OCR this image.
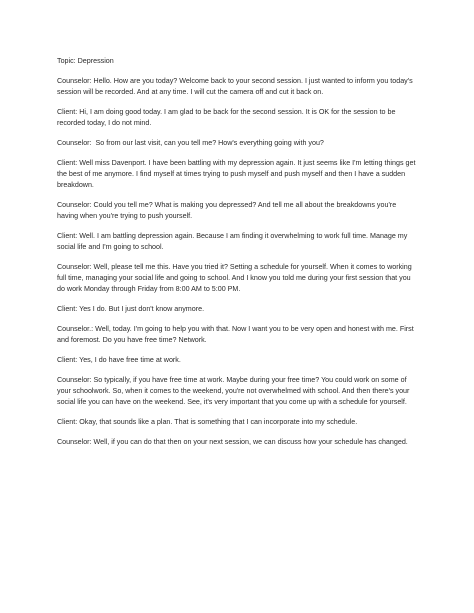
Topic: Depression

Counselor: Hello. How are you today? Welcome back to your second session. I just wanted to inform you today's session will be recorded. And at any time. I will cut the camera off and cut it back on.

Client: Hi, I am doing good today. I am glad to be back for the second session. It is OK for the session to be recorded today, I do not mind.

Counselor: So from our last visit, can you tell me? How's everything going with you?

Client: Well miss Davenport. I have been battling with my depression again. It just seems like I'm letting things get the best of me anymore. I find myself at times trying to push myself and push myself and then I have a sudden breakdown.

Counselor: Could you tell me? What is making you depressed? And tell me all about the breakdowns you're having when you're trying to push yourself.

Client: Well. I am battling depression again. Because I am finding it overwhelming to work full time. Manage my social life and I'm going to school.

Counselor: Well, please tell me this. Have you tried it? Setting a schedule for yourself. When it comes to working full time, managing your social life and going to school. And I know you told me during your first session that you do work Monday through Friday from 8:00 AM to 5:00 PM.

Client: Yes I do. But I just don't know anymore.

Counselor.: Well, today. I'm going to help you with that. Now I want you to be very open and honest with me. First and foremost. Do you have free time? Network.

Client: Yes, I do have free time at work.

Counselor: So typically, if you have free time at work. Maybe during your free time? You could work on some of your schoolwork. So, when it comes to the weekend, you're not overwhelmed with school. And then there's your social life you can have on the weekend. See, it's very important that you come up with a schedule for yourself.

Client: Okay, that sounds like a plan. That is something that I can incorporate into my schedule.

Counselor: Well, if you can do that then on your next session, we can discuss how your schedule has changed.
